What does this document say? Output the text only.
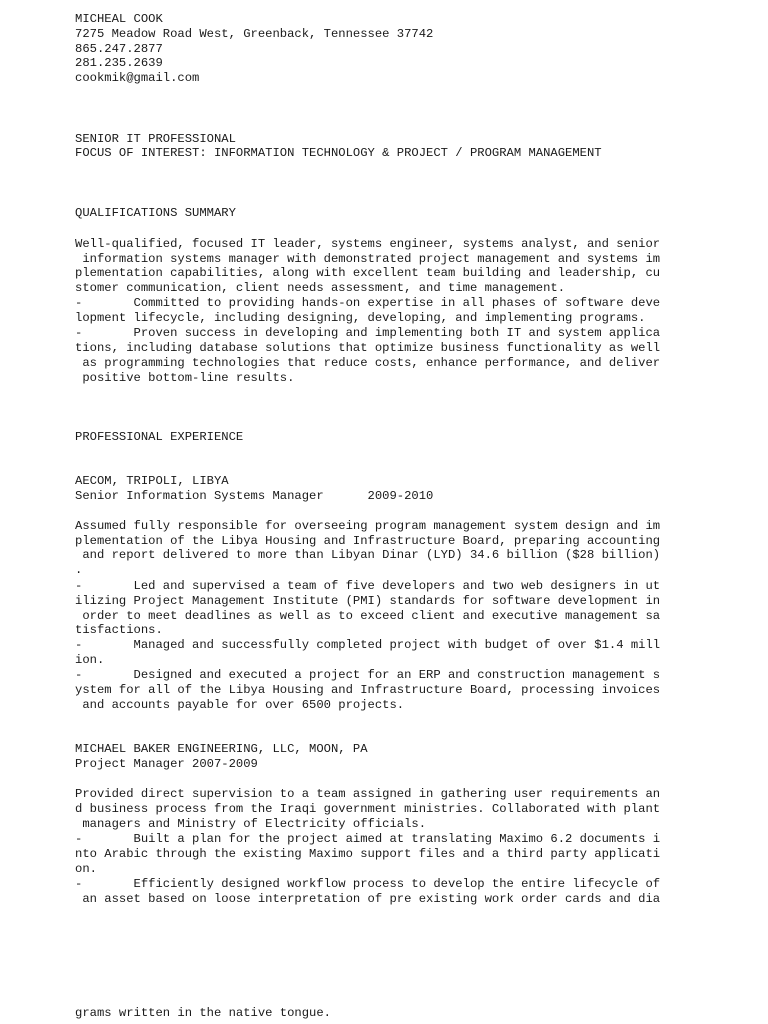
MICHEAL COOK

7275 Meadow Road West, Greenback, Tennessee 37742

865.247.2877

281.235.2639

cookmik@gmail.com

SENIOR IT PROFESSIONAL

FOCUS OF INTEREST: INFORMATION TECHNOLOGY & PROJECT / PROGRAM MANAGEMENT

QUALIFICATIONS SUMMARY

Well-qualified, focused IT leader, systems engineer, systems analyst, and senior

information systems manager with demonstrated project management and systems im

plementation capabilities, along with excellent team building and leadership, cu

stomer communication, client needs assessment, and time management.

-       Committed to providing hands-on expertise in all phases of software deve

lopment lifecycle, including designing, developing, and implementing programs.

-       Proven success in developing and implementing both IT and system applica

tions, including database solutions that optimize business functionality as well

as programming technologies that reduce costs, enhance performance, and deliver

positive bottom-line results.

PROFESSIONAL EXPERIENCE

AECOM, TRIPOLI, LIBYA

Senior Information Systems Manager      2009-2010

Assumed fully responsible for overseeing program management system design and im

plementation of the Libya Housing and Infrastructure Board, preparing accounting

and report delivered to more than Libyan Dinar (LYD) 34.6 billion ($28 billion)

.

-       Led and supervised a team of five developers and two web designers in ut

ilizing Project Management Institute (PMI) standards for software development in

order to meet deadlines as well as to exceed client and executive management sa

tisfactions.

-       Managed and successfully completed project with budget of over $1.4 mill

ion.

-       Designed and executed a project for an ERP and construction management s

ystem for all of the Libya Housing and Infrastructure Board, processing invoices

and accounts payable for over 6500 projects.

MICHAEL BAKER ENGINEERING, LLC, MOON, PA

Project Manager 2007-2009

Provided direct supervision to a team assigned in gathering user requirements an

d business process from the Iraqi government ministries. Collaborated with plant

managers and Ministry of Electricity officials.

-       Built a plan for the project aimed at translating Maximo 6.2 documents i

nto Arabic through the existing Maximo support files and a third party applicati

on.

-       Efficiently designed workflow process to develop the entire lifecycle of

an asset based on loose interpretation of pre existing work order cards and dia

grams written in the native tongue.
